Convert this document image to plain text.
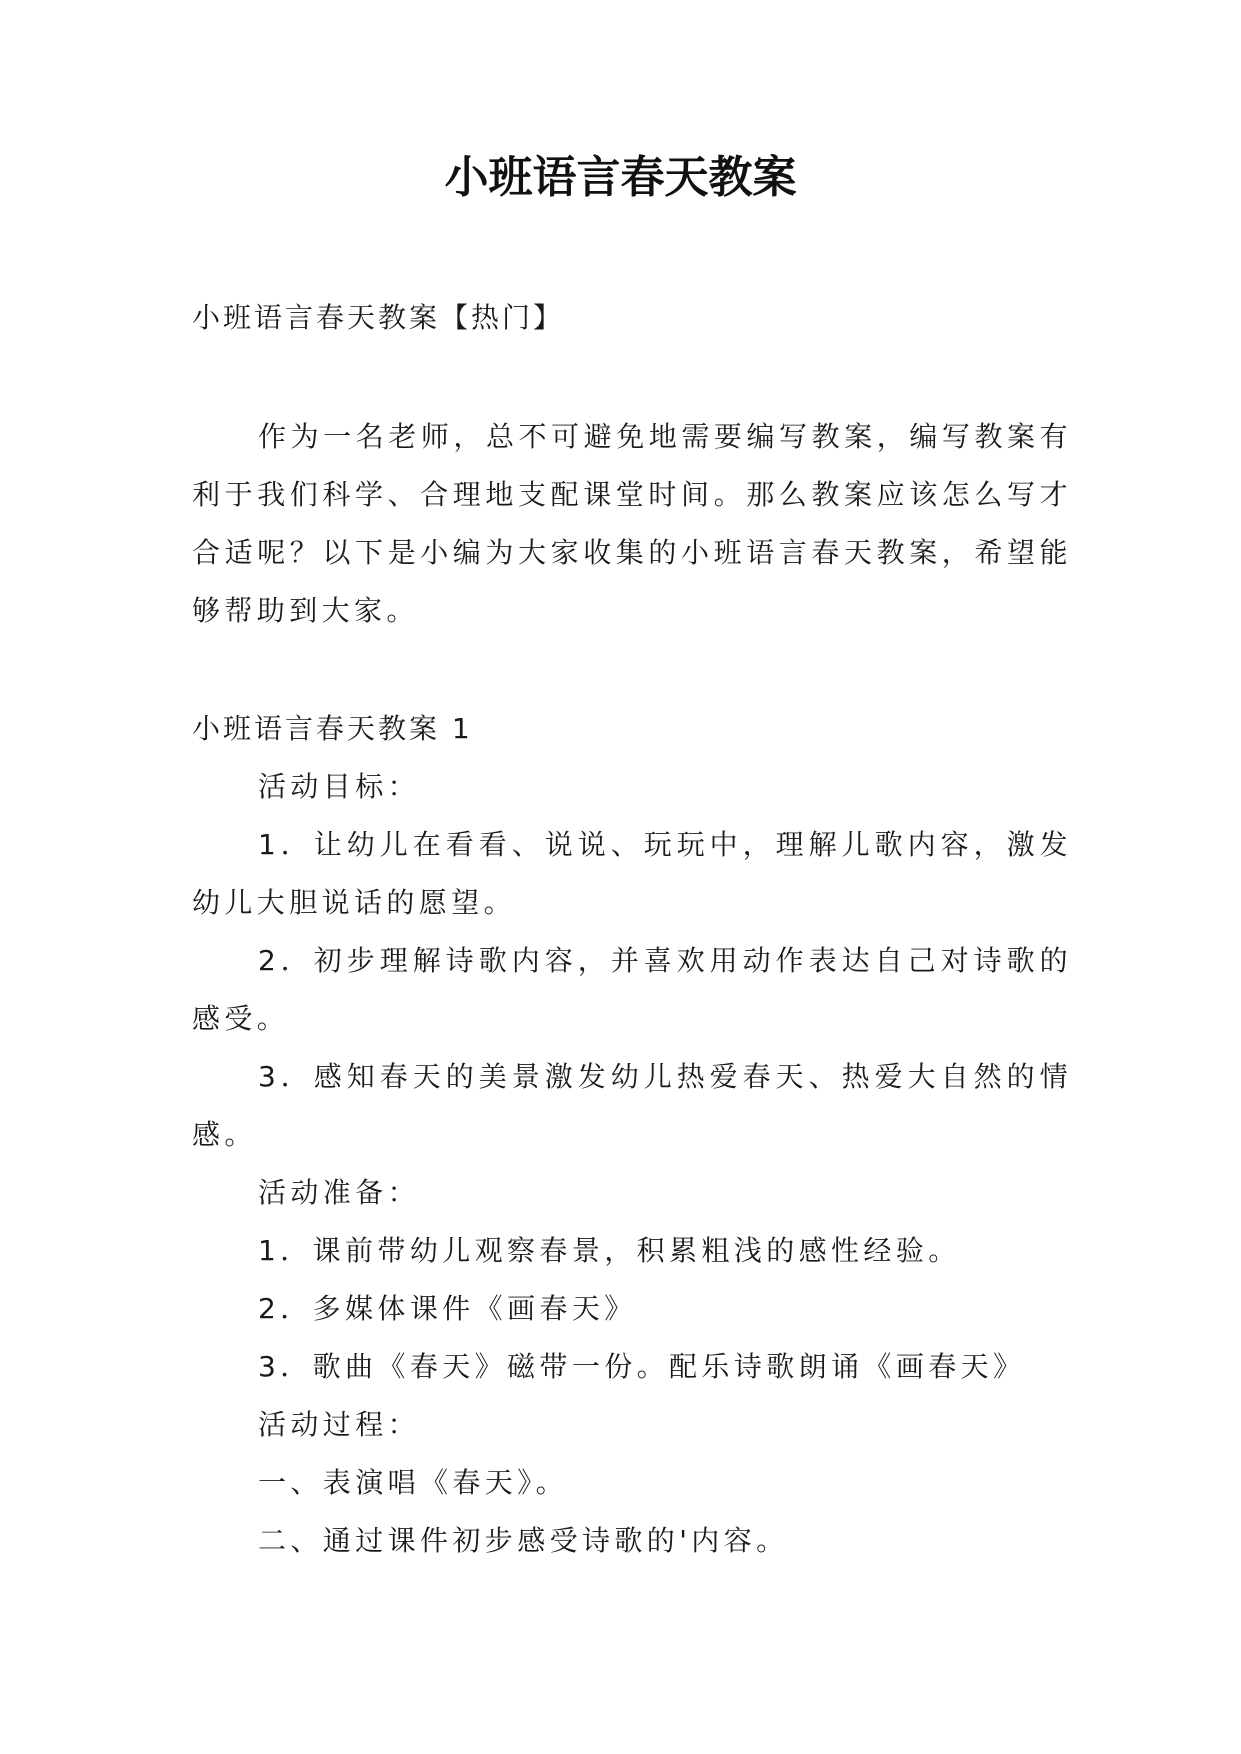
小班语言春天教案

小班语言春天教案【热门】

作为一名老师，总不可避免地需要编写教案，编写教案有利于我们科学、合理地支配课堂时间。那么教案应该怎么写才合适呢？以下是小编为大家收集的小班语言春天教案，希望能够帮助到大家。

小班语言春天教案 1

活动目标：

1．让幼儿在看看、说说、玩玩中，理解儿歌内容，激发幼儿大胆说话的愿望。

2．初步理解诗歌内容，并喜欢用动作表达自己对诗歌的感受。

3．感知春天的美景激发幼儿热爱春天、热爱大自然的情感。

活动准备：

1．课前带幼儿观察春景，积累粗浅的感性经验。

2．多媒体课件《画春天》

3．歌曲《春天》磁带一份。配乐诗歌朗诵《画春天》

活动过程：

一、表演唱《春天》。

二、通过课件初步感受诗歌的'内容。
